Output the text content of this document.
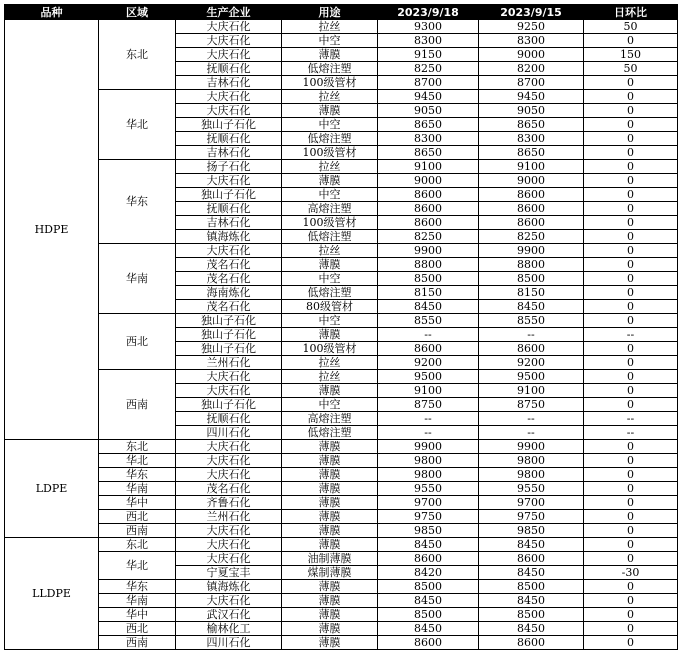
品种	区域	生产企业	用途	2023/9/18	2023/9/15	日环比
HDPE	东北	大庆石化	拉丝	9300	9250	50
		大庆石化	中空	8300	8300	0
		大庆石化	薄膜	9150	9000	150
		抚顺石化	低熔注塑	8250	8200	50
		吉林石化	100级管材	8700	8700	0
	华北	大庆石化	拉丝	9450	9450	0
		大庆石化	薄膜	9050	9050	0
		独山子石化	中空	8650	8650	0
		抚顺石化	低熔注塑	8300	8300	0
		吉林石化	100级管材	8650	8650	0
	华东	扬子石化	拉丝	9100	9100	0
		大庆石化	薄膜	9000	9000	0
		独山子石化	中空	8600	8600	0
		抚顺石化	高熔注塑	8600	8600	0
		吉林石化	100级管材	8600	8600	0
		镇海炼化	低熔注塑	8250	8250	0
	华南	大庆石化	拉丝	9900	9900	0
		茂名石化	薄膜	8800	8800	0
		茂名石化	中空	8500	8500	0
		海南炼化	低熔注塑	8150	8150	0
		茂名石化	80级管材	8450	8450	0
	西北	独山子石化	中空	8550	8550	0
		独山子石化	薄膜	--	--	--
		独山子石化	100级管材	8600	8600	0
		兰州石化	拉丝	9200	9200	0
	西南	大庆石化	拉丝	9500	9500	0
		大庆石化	薄膜	9100	9100	0
		独山子石化	中空	8750	8750	0
		抚顺石化	高熔注塑	--	--	--
		四川石化	低熔注塑	--	--	--
LDPE	东北	大庆石化	薄膜	9900	9900	0
	华北	大庆石化	薄膜	9800	9800	0
	华东	大庆石化	薄膜	9800	9800	0
	华南	茂名石化	薄膜	9550	9550	0
	华中	齐鲁石化	薄膜	9700	9700	0
	西北	兰州石化	薄膜	9750	9750	0
	西南	大庆石化	薄膜	9850	9850	0
LLDPE	东北	大庆石化	薄膜	8450	8450	0
	华北	大庆石化	油制薄膜	8600	8600	0
		宁夏宝丰	煤制薄膜	8420	8450	-30
	华东	镇海炼化	薄膜	8500	8500	0
	华南	大庆石化	薄膜	8450	8450	0
	华中	武汉石化	薄膜	8500	8500	0
	西北	榆林化工	薄膜	8450	8450	0
	西南	四川石化	薄膜	8600	8600	0
